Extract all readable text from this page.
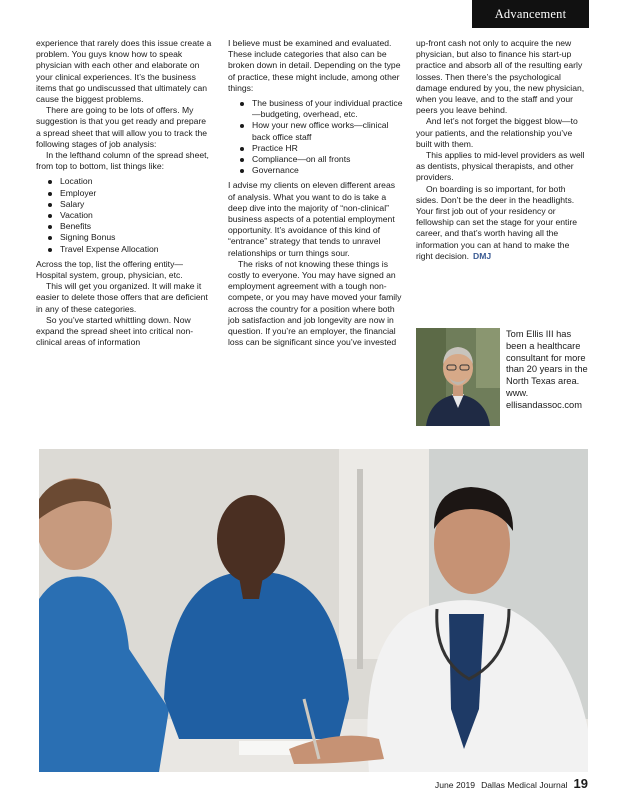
Advancement

experience that rarely does this issue create a problem. You guys know how to speak physician with each other and elaborate on your clinical experiences. It’s the business items that go undiscussed that ultimately can cause the biggest problems.

There are going to be lots of offers. My suggestion is that you get ready and prepare a spread sheet that will allow you to track the following stages of job analysis:

In the lefthand column of the spread sheet, from top to bottom, list things like:

Location
Employer
Salary
Vacation
Benefits
Signing Bonus
Travel Expense Allocation

Across the top, list the offering entity—Hospital system, group, physician, etc.

This will get you organized. It will make it easier to delete those offers that are deficient in any of these categories.

So you’ve started whittling down. Now expand the spread sheet into critical non-clinical areas of information

I believe must be examined and evaluated. These include categories that also can be broken down in detail. Depending on the type of practice, these might include, among other things:

The business of your individual practice—budgeting, overhead, etc.
How your new office works—clinical back office staff
Practice HR
Compliance—on all fronts
Governance

I advise my clients on eleven different areas of analysis. What you want to do is take a deep dive into the majority of “non-clinical” business aspects of a potential employment opportunity. It’s avoidance of this kind of “entrance” strategy that tends to unravel relationships or turn things sour.

The risks of not knowing these things is costly to everyone. You may have signed an employment agreement with a tough non-compete, or you may have moved your family across the country for a position where both job satisfaction and job longevity are now in question. If you’re an employer, the financial loss can be significant since you’ve invested

up-front cash not only to acquire the new physician, but also to finance his start-up practice and absorb all of the resulting early losses. Then there’s the psychological damage endured by you, the new physician, when you leave, and to the staff and your peers you leave behind.

And let’s not forget the biggest blow—to your patients, and the relationship you’ve built with them.

This applies to mid-level providers as well as dentists, physical therapists, and other providers.

On boarding is so important, for both sides. Don’t be the deer in the headlights. Your first job out of your residency or fellowship can set the stage for your entire career, and that’s worth having all the information you can at hand to make the right decision. DMJ

Tom Ellis III has been a healthcare consultant for more than 20 years in the North Texas area. www. ellisandassoc.com
June 2019 Dallas Medical Journal 19
